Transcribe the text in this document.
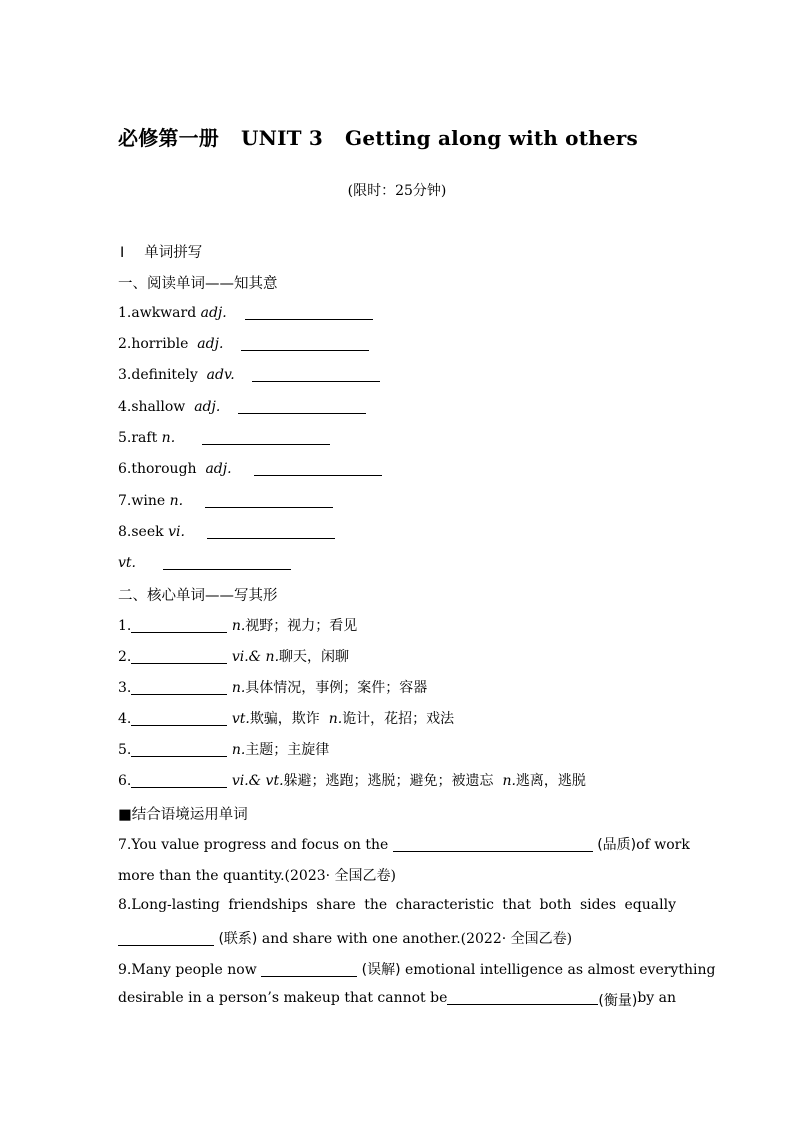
必修第一册 UNIT 3 Getting along with others
(限时：25分钟)
Ⅰ 单词拼写
一、阅读单词——知其意
1.awkward adj.
2.horrible adj.
3.definitely adv.
4.shallow adj.
5.raft n.
6.thorough adj.
7.wine n.
8.seek vi.
vt.
二、核心单词——写其形
1.	n.视野；视力；看见
2.	vi.& n.聊天，闲聊
3.	n.具体情况，事例；案件；容器
4.	vt.欺骗，欺诈 n.诡计，花招；戏法
5.	n.主题；主旋律
6.	vi.& vt.躲避；逃跑；逃脱；避免；被遗忘 n.逃离，逃脱
■结合语境运用单词
7.You value progress and focus on the	(品质)of work
more than the quantity.(2023· 全国乙卷)
8.Long-lasting friendships share the characteristic that both sides equally
(联系) and share with one another.(2022· 全国乙卷)
9.Many people now	(误解) emotional intelligence as almost everything
desirable in a person’s makeup that cannot be	(衡量) by an
